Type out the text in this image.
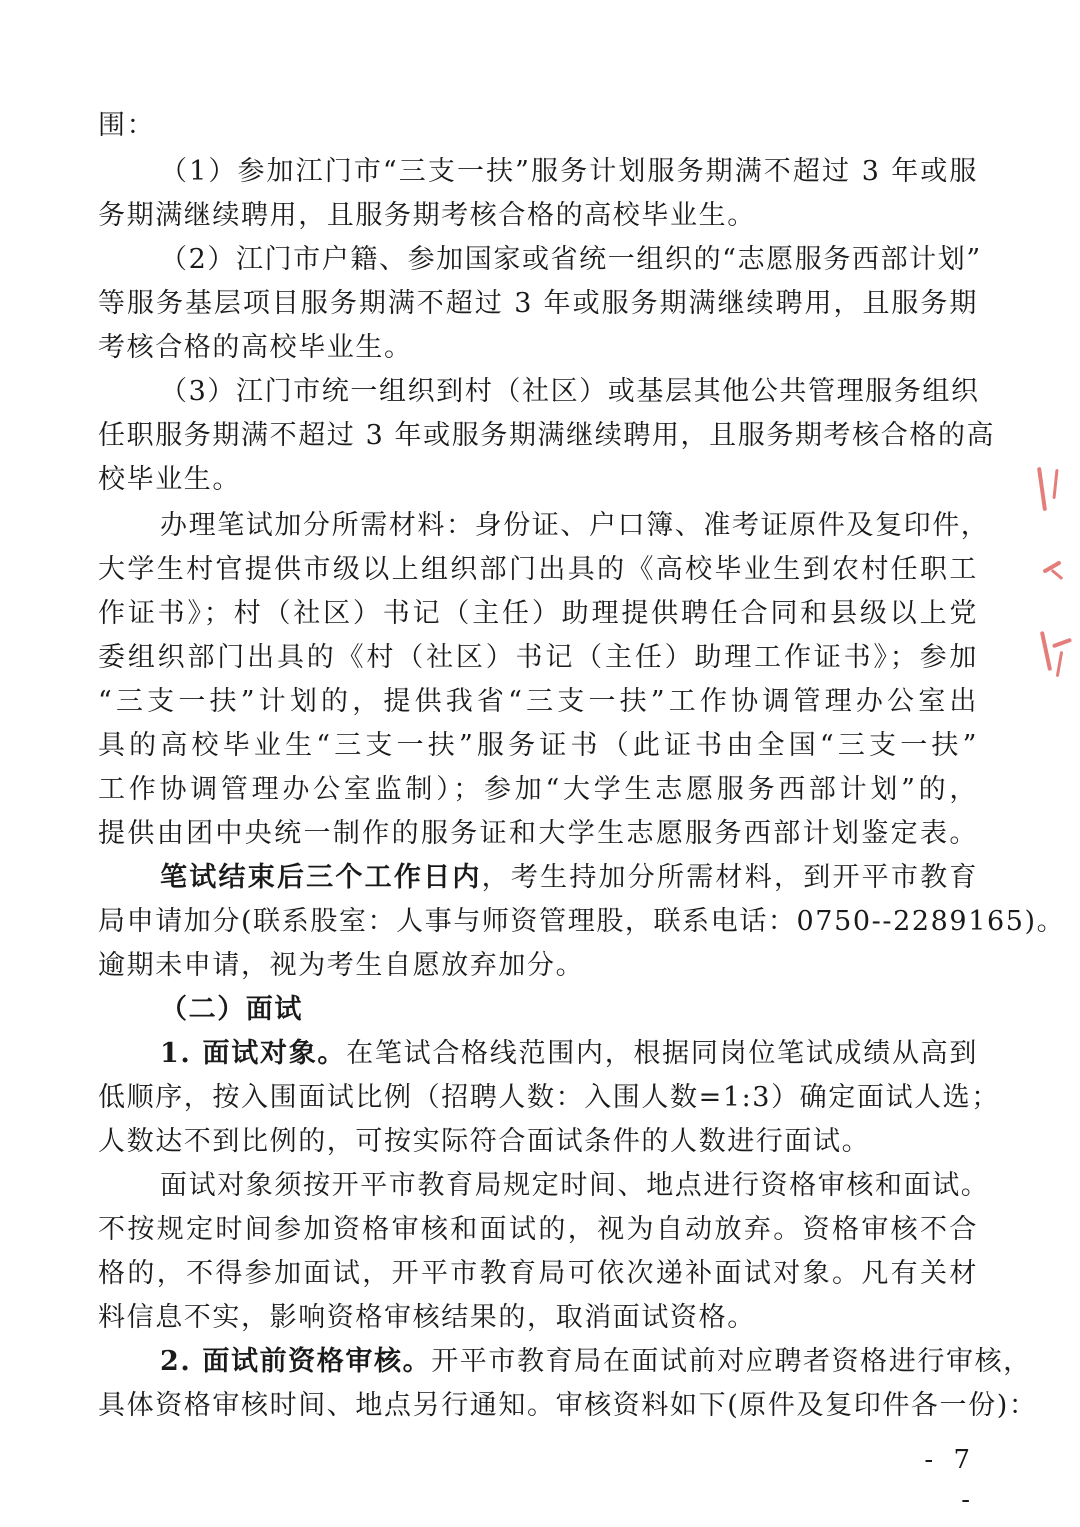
围：
（1）参加江门市“三支一扶”服务计划服务期满不超过 3 年或服
务期满继续聘用，且服务期考核合格的高校毕业生。
（2）江门市户籍、参加国家或省统一组织的“志愿服务西部计划”
等服务基层项目服务期满不超过 3 年或服务期满继续聘用，且服务期
考核合格的高校毕业生。
（3）江门市统一组织到村（社区）或基层其他公共管理服务组织
任职服务期满不超过 3 年或服务期满继续聘用，且服务期考核合格的高
校毕业生。
办理笔试加分所需材料：身份证、户口簿、准考证原件及复印件，
大学生村官提供市级以上组织部门出具的《高校毕业生到农村任职工
作证书》；村（社区）书记（主任）助理提供聘任合同和县级以上党
委组织部门出具的《村（社区）书记（主任）助理工作证书》；参加
“三支一扶”计划的，提供我省“三支一扶”工作协调管理办公室出
具的高校毕业生“三支一扶”服务证书（此证书由全国“三支一扶”
工作协调管理办公室监制）；参加“大学生志愿服务西部计划”的，
提供由团中央统一制作的服务证和大学生志愿服务西部计划鉴定表。
笔试结束后三个工作日内，考生持加分所需材料，到开平市教育
局申请加分(联系股室：人事与师资管理股，联系电话：0750--2289165)。
逾期未申请，视为考生自愿放弃加分。
（二）面试
1. 面试对象。在笔试合格线范围内，根据同岗位笔试成绩从高到
低顺序，按入围面试比例（招聘人数：入围人数=1:3）确定面试人选；
人数达不到比例的，可按实际符合面试条件的人数进行面试。
面试对象须按开平市教育局规定时间、地点进行资格审核和面试。
不按规定时间参加资格审核和面试的，视为自动放弃。资格审核不合
格的，不得参加面试，开平市教育局可依次递补面试对象。凡有关材
料信息不实，影响资格审核结果的，取消面试资格。
2. 面试前资格审核。开平市教育局在面试前对应聘者资格进行审核，
具体资格审核时间、地点另行通知。审核资料如下(原件及复印件各一份)：
- 7 -
